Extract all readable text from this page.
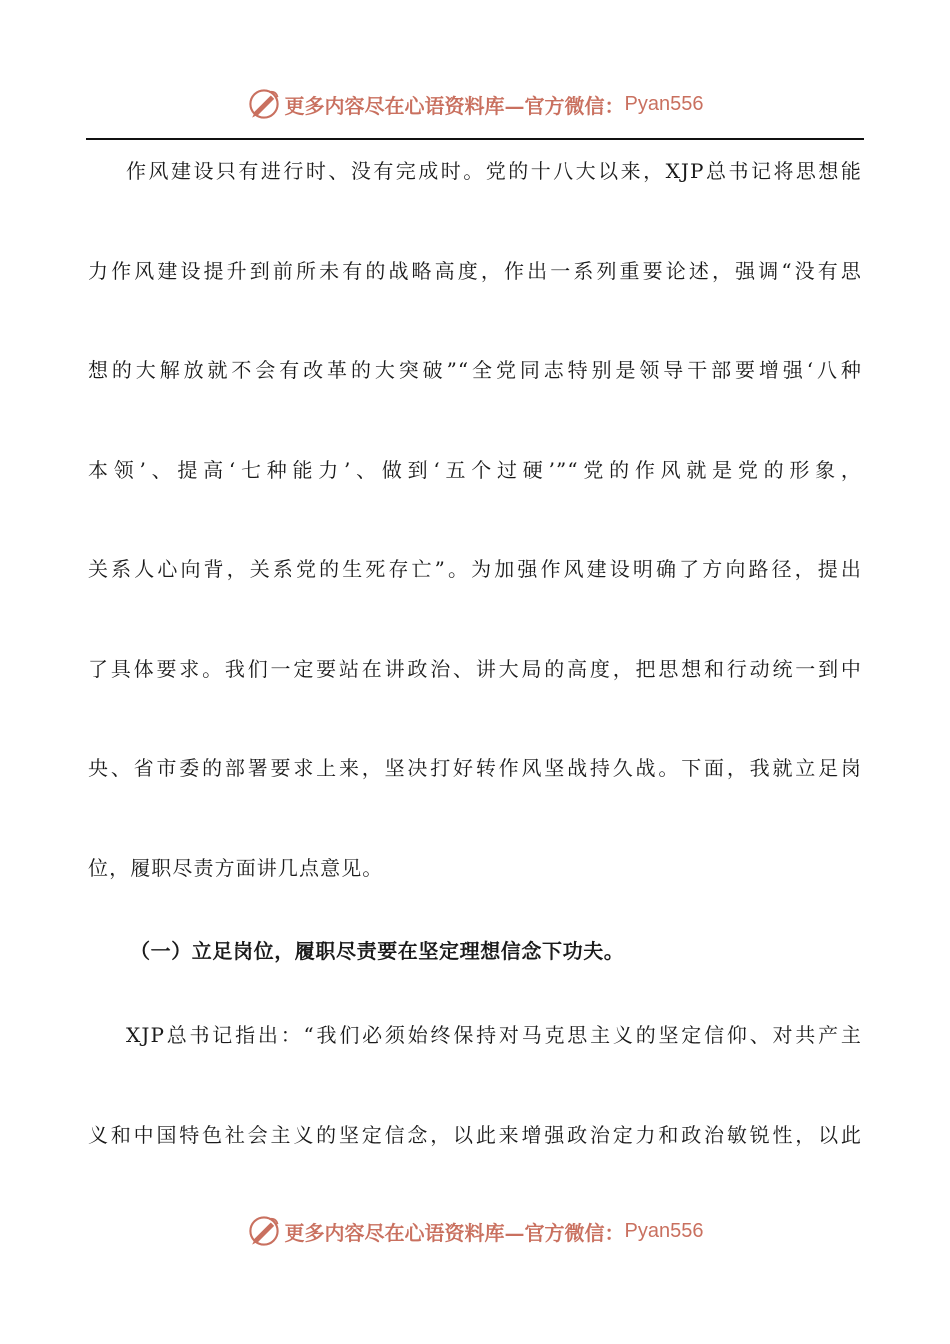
更多内容尽在心语资料库—官方微信： Pyan556
作风建设只有进行时、没有完成时。党的十八大以来，XJP总书记将思想能
力作风建设提升到前所未有的战略高度，作出一系列重要论述，强调“没有思
想的大解放就不会有改革的大突破”“全党同志特别是领导干部要增强‘八种
本领’、提高‘七种能力’、做到‘五个过硬’”“党的作风就是党的形象，
关系人心向背，关系党的生死存亡”。为加强作风建设明确了方向路径，提出
了具体要求。我们一定要站在讲政治、讲大局的高度，把思想和行动统一到中
央、省市委的部署要求上来，坚决打好转作风坚战持久战。下面，我就立足岗
位，履职尽责方面讲几点意见。
（一）立足岗位，履职尽责要在坚定理想信念下功夫。
XJP总书记指出：“我们必须始终保持对马克思主义的坚定信仰、对共产主
义和中国特色社会主义的坚定信念，以此来增强政治定力和政治敏锐性，以此
更多内容尽在心语资料库—官方微信： Pyan556
